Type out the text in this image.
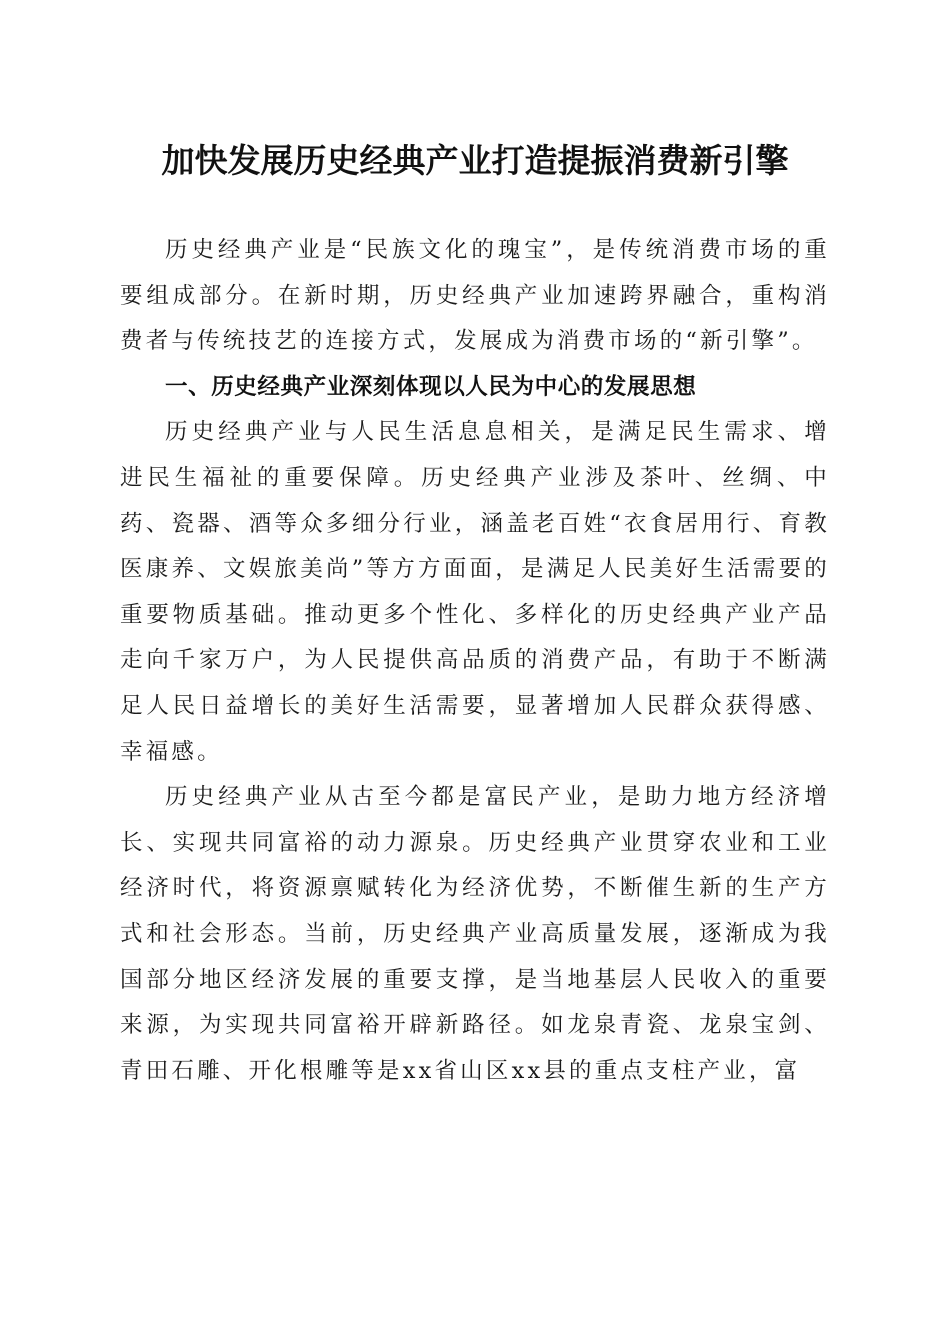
加快发展历史经典产业打造提振消费新引擎

历史经典产业是“民族文化的瑰宝”，是传统消费市场的重要组成部分。在新时期，历史经典产业加速跨界融合，重构消费者与传统技艺的连接方式，发展成为消费市场的“新引擎”。

一、历史经典产业深刻体现以人民为中心的发展思想

历史经典产业与人民生活息息相关，是满足民生需求、增进民生福祉的重要保障。历史经典产业涉及茶叶、丝绸、中药、瓷器、酒等众多细分行业，涵盖老百姓“衣食居用行、育教医康养、文娱旅美尚”等方方面面，是满足人民美好生活需要的重要物质基础。推动更多个性化、多样化的历史经典产业产品走向千家万户，为人民提供高品质的消费产品，有助于不断满足人民日益增长的美好生活需要，显著增加人民群众获得感、幸福感。

历史经典产业从古至今都是富民产业，是助力地方经济增长、实现共同富裕的动力源泉。历史经典产业贯穿农业和工业经济时代，将资源禀赋转化为经济优势，不断催生新的生产方式和社会形态。当前，历史经典产业高质量发展，逐渐成为我国部分地区经济发展的重要支撑，是当地基层人民收入的重要来源，为实现共同富裕开辟新路径。如龙泉青瓷、龙泉宝剑、青田石雕、开化根雕等是xx省山区xx县的重点支柱产业，富
